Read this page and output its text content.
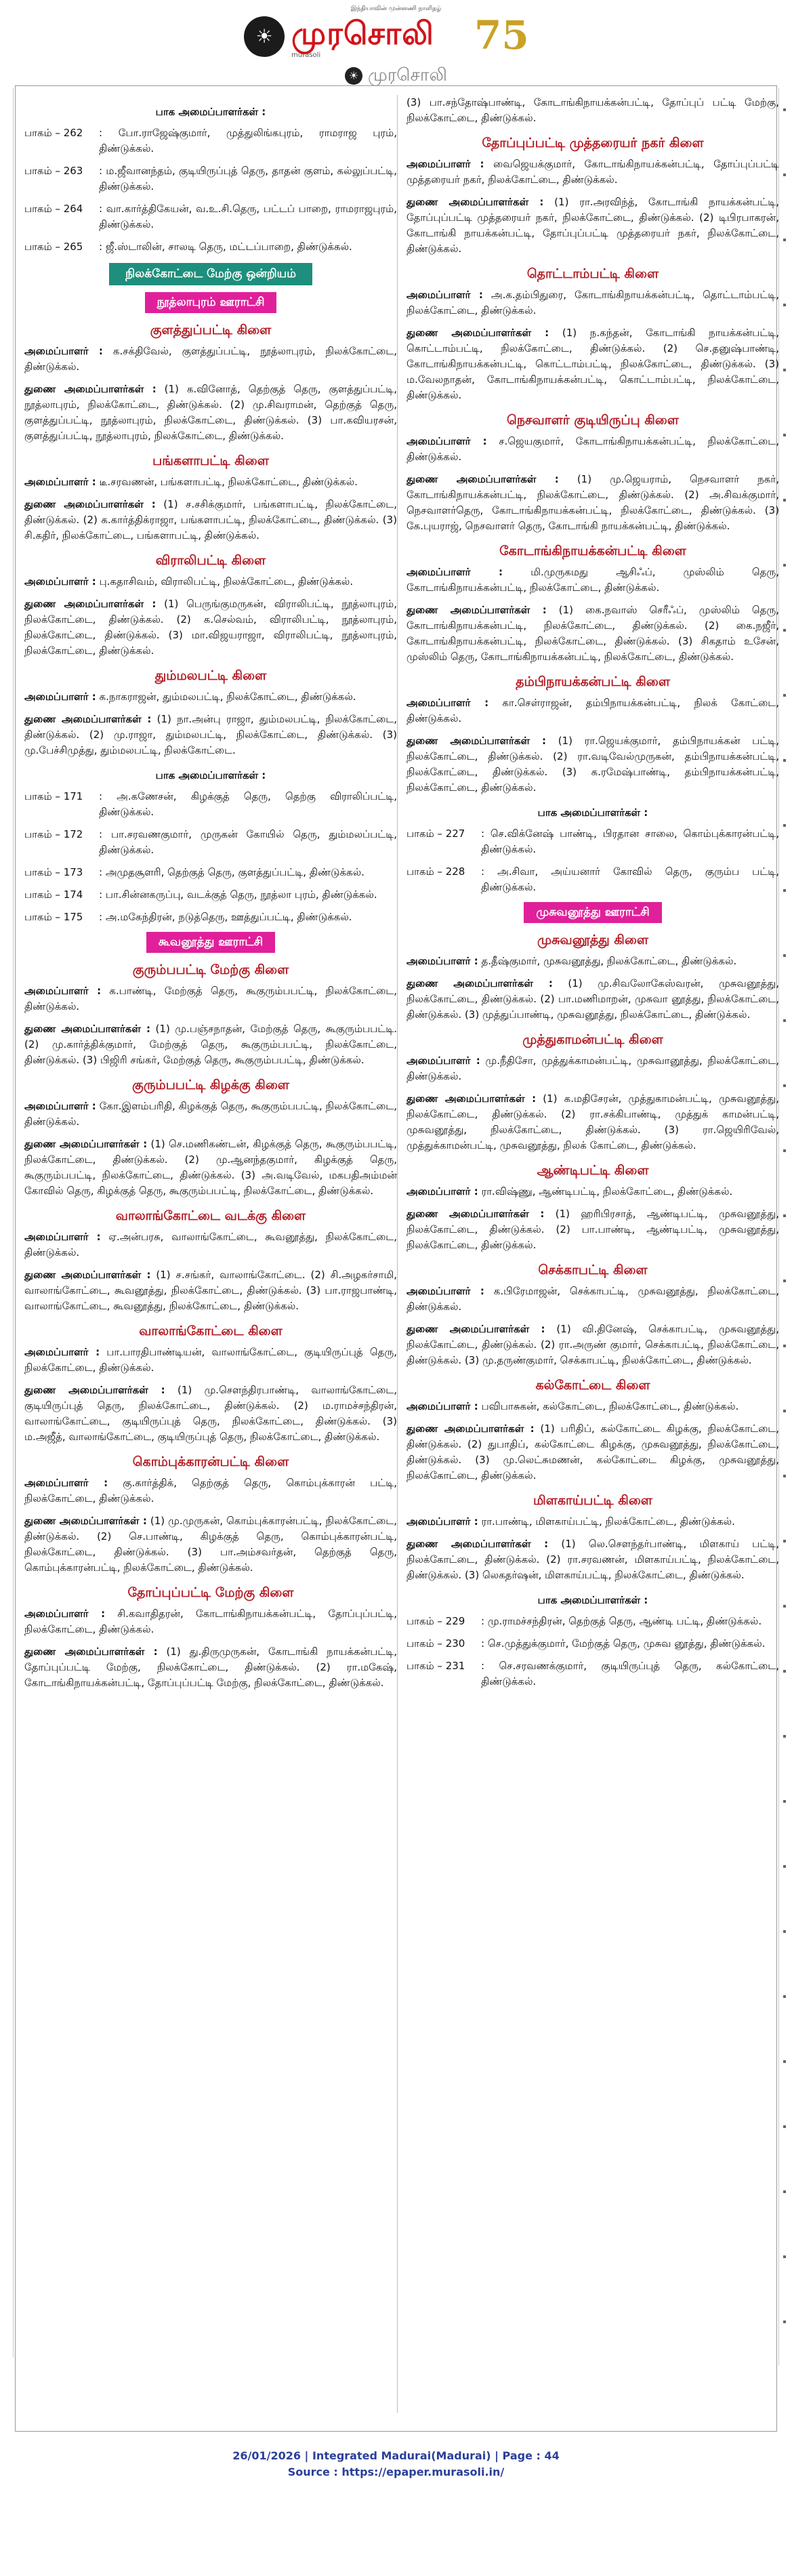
இந்தியாவின் முன்னணி நாளிதழ்
☀ முரசொலி 75
murasoli
☀ முரசொலி
பாக அமைப்பாளர்கள் :
பாகம் – 262	: போ.ராஜேஷ்குமார், முத்துலிங்கபுரம், ராமராஜ புரம், திண்டுக்கல்.
பாகம் – 263	: ம.ஜீவானந்தம், குடியிருப்புத் தெரு, தாதன் குளம், கல்லுப்பட்டி, திண்டுக்கல்.
பாகம் – 264	: வா.கார்த்திகேயன், வ.உ.சி.தெரு, பட்டப் பாறை, ராமராஜபுரம், திண்டுக்கல்.
பாகம் – 265	: ஜீ.ஸ்டாலின், சாலடி தெரு, மட்டப்பாறை, திண்டுக்கல்.
நிலக்கோட்டை மேற்கு ஒன்றியம்
நூத்லாபுரம் ஊராட்சி
குளத்துப்பட்டி கிளை
அமைப்பாளர் : க.சக்திவேல், குளத்துப்பட்டி, நூத்லாபுரம், நிலக்கோட்டை, திண்டுக்கல்.
துணை அமைப்பாளர்கள் : (1) க.வினோத், தெற்குத் தெரு, குளத்துப்பட்டி, நூத்லாபுரம், நிலக்கோட்டை, திண்டுக்கல். (2) மு.சிவராமன், தெற்குத் தெரு, குளத்துப்பட்டி, நூத்லாபுரம், நிலக்கோட்டை, திண்டுக்கல். (3) பா.கவியரசன், குளத்துப்பட்டி, நூத்லாபுரம், நிலக்கோட்டை, திண்டுக்கல்.
பங்களாபட்டி கிளை
அமைப்பாளர் : டீ.சரவணன், பங்களாபட்டி, நிலக்கோட்டை, திண்டுக்கல்.
துணை அமைப்பாளர்கள் : (1) ச.சசிக்குமார், பங்களாபட்டி, நிலக்கோட்டை, திண்டுக்கல். (2) க.கார்த்திக்ராஜா, பங்களாபட்டி, நிலக்கோட்டை, திண்டுக்கல். (3) சி.கதிர், நிலக்கோட்டை, பங்களாபட்டி, திண்டுக்கல்.
விராலிபட்டி கிளை
அமைப்பாளர் : பு.கதாசிவம், விராலிபட்டி, நிலக்கோட்டை, திண்டுக்கல்.
துணை அமைப்பாளர்கள் : (1) பெருங்குமருகன், விராலிபட்டி, நூத்லாபுரம், நிலக்கோட்டை, திண்டுக்கல். (2) க.செல்வம், விராலிபட்டி, நூத்லாபுரம், நிலக்கோட்டை, திண்டுக்கல். (3) மா.விஜயராஜா, விராலிபட்டி, நூத்லாபுரம், நிலக்கோட்டை, திண்டுக்கல்.
தும்மலபட்டி கிளை
அமைப்பாளர் : க.நாகராஜன், தும்மலபட்டி, நிலக்கோட்டை, திண்டுக்கல்.
துணை அமைப்பாளர்கள் : (1) நா.அன்பு ராஜா, தும்மலபட்டி, நிலக்கோட்டை, திண்டுக்கல். (2) மு.ராஜா, தும்மலபட்டி, நிலக்கோட்டை, திண்டுக்கல். (3) மு.பேச்சிமுத்து, தும்மலபட்டி, நிலக்கோட்டை.
பாக அமைப்பாளர்கள் :
பாகம் – 171	: அ.கணேசன், கிழக்குத் தெரு, தெற்கு விராலிப்பட்டி, திண்டுக்கல்.
பாகம் – 172	: பா.சரவணகுமார், முருகன் கோயில் தெரு, தும்மலப்பட்டி, திண்டுக்கல்.
பாகம் – 173	: அமுதசூளரி, தெற்குத் தெரு, குளத்துப்பட்டி, திண்டுக்கல்.
பாகம் – 174	: பா.சின்னகருப்பு, வடக்குத் தெரு, நூத்லா புரம், திண்டுக்கல்.
பாகம் – 175	: அ.மகேந்திரன், நடுத்தெரு, ஊத்துப்பட்டி, திண்டுக்கல்.
கூவனூத்து ஊராட்சி
குரும்பபட்டி மேற்கு கிளை
அமைப்பாளர் : க.பாண்டி, மேற்குத் தெரு, கூகுரும்பபட்டி, நிலக்கோட்டை, திண்டுக்கல்.
துணை அமைப்பாளர்கள் : (1) மு.பஞ்சநாதன், மேற்குத் தெரு, கூகுரும்பபட்டி. (2) மு.கார்த்திக்குமார், மேற்குத் தெரு, கூகுரும்பபட்டி, நிலக்கோட்டை, திண்டுக்கல். (3) பிஜிரி சங்கர், மேற்குத் தெரு, கூகுரும்பபட்டி, திண்டுக்கல்.
குரும்பபட்டி கிழக்கு கிளை
அமைப்பாளர் : கோ.இளம்பரிதி, கிழக்குத் தெரு, கூகுரும்பபட்டி, நிலக்கோட்டை, திண்டுக்கல்.
துணை அமைப்பாளர்கள் : (1) செ.மணிகண்டன், கிழக்குத் தெரு, கூகுரும்பபட்டி, நிலக்கோட்டை, திண்டுக்கல். (2) மு.ஆனந்தகுமார், கிழக்குத் தெரு, கூகுரும்பபட்டி, நிலக்கோட்டை, திண்டுக்கல். (3) அ.வடிவேல், மகபதிஅம்மன் கோவில் தெரு, கிழக்குத் தெரு, கூகுரும்பபட்டி, நிலக்கோட்டை, திண்டுக்கல்.
வாலாங்கோட்டை வடக்கு கிளை
அமைப்பாளர் : ஏ.அன்பரசு, வாலாங்கோட்டை, கூவனூத்து, நிலக்கோட்டை, திண்டுக்கல்.
துணை அமைப்பாளர்கள் : (1) ச.சங்கர், வாலாங்கோட்டை. (2) சி.அழகர்சாமி, வாலாங்கோட்டை, கூவனூத்து, நிலக்கோட்டை, திண்டுக்கல். (3) பா.ராஜபாண்டி, வாலாங்கோட்டை, கூவனூத்து, நிலக்கோட்டை, திண்டுக்கல்.
வாலாங்கோட்டை கிளை
அமைப்பாளர் : பா.பாரதிபாண்டியன், வாலாங்கோட்டை, குடியிருப்புத் தெரு, நிலக்கோட்டை, திண்டுக்கல்.
துணை அமைப்பாளர்கள் : (1) மு.செளந்திரபாண்டி, வாலாங்கோட்டை, குடியிருப்புத் தெரு, நிலக்கோட்டை, திண்டுக்கல். (2) ம.ராமச்சந்திரன், வாலாங்கோட்டை, குடியிருப்புத் தெரு, நிலக்கோட்டை, திண்டுக்கல். (3) ம.அஜீத், வாலாங்கோட்டை, குடியிருப்புத் தெரு, நிலக்கோட்டை, திண்டுக்கல்.
கொம்புக்காரன்பட்டி கிளை
அமைப்பாளர் : கு.கார்த்திக், தெற்குத் தெரு, கொம்புக்காரன் பட்டி, நிலக்கோட்டை, திண்டுக்கல்.
துணை அமைப்பாளர்கள் : (1) மு.முருகன், கொம்புக்காரன்பட்டி, நிலக்கோட்டை, திண்டுக்கல். (2) செ.பாண்டி, கிழக்குத் தெரு, கொம்புக்காரன்பட்டி, நிலக்கோட்டை, திண்டுக்கல். (3) பா.அம்சவர்தன், தெற்குத் தெரு, கொம்புக்காரன்பட்டி, நிலக்கோட்டை, திண்டுக்கல்.
தோப்புப்பட்டி மேற்கு கிளை
அமைப்பாளர் : சி.கவாதிதரன், கோடாங்கிநாயக்கன்பட்டி, தோப்புப்பட்டி, நிலக்கோட்டை, திண்டுக்கல்.
துணை அமைப்பாளர்கள் : (1) து.திருமுருகன், கோடாங்கி நாயக்கன்பட்டி, தோப்புப்பட்டி மேற்கு, நிலக்கோட்டை, திண்டுக்கல். (2) ரா.மகேஷ், கோடாங்கிநாயக்கன்பட்டி, தோப்புப்பட்டி மேற்கு, நிலக்கோட்டை, திண்டுக்கல்.
(3) பா.சந்தோஷ்பாண்டி, கோடாங்கிநாயக்கன்பட்டி, தோப்புப் பட்டி மேற்கு, நிலக்கோட்டை, திண்டுக்கல்.
தோப்புப்பட்டி முத்தரையர் நகர் கிளை
அமைப்பாளர் : வைஜெயக்குமார், கோடாங்கிநாயக்கன்பட்டி, தோப்புப்பட்டி முத்தரையர் நகர், நிலக்கோட்டை, திண்டுக்கல்.
துணை அமைப்பாளர்கள் : (1) ரா.அரவிந்த், கோடாங்கி நாயக்கன்பட்டி, தோப்புப்பட்டி முத்தரையர் நகர், நிலக்கோட்டை, திண்டுக்கல். (2) டிபிரபாகரன், கோடாங்கி நாயக்கன்பட்டி, தோப்புப்பட்டி முத்தரையர் நகர், நிலக்கோட்டை, திண்டுக்கல்.
தொட்டாம்பட்டி கிளை
அமைப்பாளர் : அ.க.தம்பிதுரை, கோடாங்கிநாயக்கன்பட்டி, தொட்டாம்பட்டி, நிலக்கோட்டை, திண்டுக்கல்.
துணை அமைப்பாளர்கள் : (1) ந.கந்தன், கோடாங்கி நாயக்கன்பட்டி, கொட்டாம்பட்டி, நிலக்கோட்டை, திண்டுக்கல். (2) செ.தனுஷ்பாண்டி, கோடாங்கிநாயக்கன்பட்டி, கொட்டாம்பட்டி, நிலக்கோட்டை, திண்டுக்கல். (3) ம.வேலநாதன், கோடாங்கிநாயக்கன்பட்டி, கொட்டாம்பட்டி, நிலக்கோட்டை, திண்டுக்கல்.
நெசவாளர் குடியிருப்பு கிளை
அமைப்பாளர் : ச.ஜெயகுமார், கோடாங்கிநாயக்கன்பட்டி, நிலக்கோட்டை, திண்டுக்கல்.
துணை அமைப்பாளர்கள் : (1) மு.ஜெயராம், நெசவாளர் நகர், கோடாங்கிநாயக்கன்பட்டி, நிலக்கோட்டை, திண்டுக்கல். (2) அ.சிவக்குமார், நெசவாளர்தெரு, கோடாங்கிநாயக்கன்பட்டி, நிலக்கோட்டை, திண்டுக்கல். (3) கே.புயராஜ், நெசவாளர் தெரு, கோடாங்கி நாயக்கன்பட்டி, திண்டுக்கல்.
கோடாங்கிநாயக்கன்பட்டி கிளை
அமைப்பாளர் : மி.முருகமது ஆசிஃப், முஸ்லிம் தெரு, கோடாங்கிநாயக்கன்பட்டி, நிலக்கோட்டை, திண்டுக்கல்.
துணை அமைப்பாளர்கள் : (1) கை.நவாஸ் செரீஃப், முஸ்லிம் தெரு, கோடாங்கிநாயக்கன்பட்டி, நிலக்கோட்டை, திண்டுக்கல். (2) கை.நஜீர், கோடாங்கிநாயக்கன்பட்டி, நிலக்கோட்டை, திண்டுக்கல். (3) சிகதாம் உசேன், முஸ்லிம் தெரு, கோடாங்கிநாயக்கன்பட்டி, நிலக்கோட்டை, திண்டுக்கல்.
தம்பிநாயக்கன்பட்டி கிளை
அமைப்பாளர் : கா.செள்ராஜன், தம்பிநாயக்கன்பட்டி, நிலக் கோட்டை, திண்டுக்கல்.
துணை அமைப்பாளர்கள் : (1) ரா.ஜெயக்குமார், தம்பிநாயக்கன் பட்டி, நிலக்கோட்டை, திண்டுக்கல். (2) ரா.வடிவேல்முருகன், தம்பிநாயக்கன்பட்டி, நிலக்கோட்டை, திண்டுக்கல். (3) க.ரமேஷ்பாண்டி, தம்பிநாயக்கன்பட்டி, நிலக்கோட்டை, திண்டுக்கல்.
பாக அமைப்பாளர்கள் :
பாகம் – 227	: செ.விக்னேஷ் பாண்டி, பிரதான சாலை, கொம்புக்காரன்பட்டி, திண்டுக்கல்.
பாகம் – 228	: அ.சிவா, அய்யனார் கோவில் தெரு, குரும்ப பட்டி, திண்டுக்கல்.
முசுவனூத்து ஊராட்சி
முசுவனூத்து கிளை
அமைப்பாளர் : த.தீஷ்குமார், முசுவனூத்து, நிலக்கோட்டை, திண்டுக்கல்.
துணை அமைப்பாளர்கள் : (1) மு.சிவலோகேஸ்வரன், முசுவனூத்து, நிலக்கோட்டை, திண்டுக்கல். (2) பா.மணிமாறன், முசுவா னூத்து, நிலக்கோட்டை, திண்டுக்கல். (3) முத்துப்பாண்டி, முசுவனூத்து, நிலக்கோட்டை, திண்டுக்கல்.
முத்துகாமன்பட்டி கிளை
அமைப்பாளர் : மு.நீதிசோ, முத்துக்காமன்பட்டி, முசுவானூத்து, நிலக்கோட்டை, திண்டுக்கல்.
துணை அமைப்பாளர்கள் : (1) க.மதிசேரன், முத்துகாமன்பட்டி, முசுவனூத்து, நிலக்கோட்டை, திண்டுக்கல். (2) ரா.சக்கிபாண்டி, முத்துக் காமன்பட்டி, முசுவனூத்து, நிலக்கோட்டை, திண்டுக்கல். (3) ரா.ஜெயிரிவேல், முத்துக்காமன்பட்டி, முசுவனூத்து, நிலக் கோட்டை, திண்டுக்கல்.
ஆண்டிபட்டி கிளை
அமைப்பாளர் : ரா.விஷ்ணு, ஆண்டிபட்டி, நிலக்கோட்டை, திண்டுக்கல்.
துணை அமைப்பாளர்கள் : (1) ஹரிபிரசாத், ஆண்டிபட்டி, முசுவனூத்து, நிலக்கோட்டை, திண்டுக்கல். (2) பா.பாண்டி, ஆண்டிபட்டி, முசுவனூத்து, நிலக்கோட்டை, திண்டுக்கல்.
செக்காபட்டி கிளை
அமைப்பாளர் : க.பிரேமாஜன், செக்காபட்டி, முசுவனூத்து, நிலக்கோட்டை, திண்டுக்கல்.
துணை அமைப்பாளர்கள் : (1) வி.தினேஷ், செக்காபட்டி, முசுவனூத்து, நிலக்கோட்டை, திண்டுக்கல். (2) ரா.அருண் குமார், செக்காபட்டி, நிலக்கோட்டை, திண்டுக்கல். (3) மு.தருண்குமார், செக்காபட்டி, நிலக்கோட்டை, திண்டுக்கல்.
கல்கோட்டை கிளை
அமைப்பாளர் : பவிபாசுகன், கல்கோட்டை, நிலக்கோட்டை, திண்டுக்கல்.
துணை அமைப்பாளர்கள் : (1) பரிதிப், கல்கோட்டை கிழக்கு, நிலக்கோட்டை, திண்டுக்கல். (2) துபாதிப், கல்கோட்டை கிழக்கு, முசுவனூத்து, நிலக்கோட்டை, திண்டுக்கல். (3) மு.லெட்சுமணன், கல்கோட்டை கிழக்கு, முசுவனூத்து, நிலக்கோட்டை, திண்டுக்கல்.
மிளகாய்பட்டி கிளை
அமைப்பாளர் : ரா.பாண்டி, மிளகாய்பட்டி, நிலக்கோட்டை, திண்டுக்கல்.
துணை அமைப்பாளர்கள் : (1) லெ.சௌந்தர்பாண்டி, மிளகாய் பட்டி, நிலக்கோட்டை, திண்டுக்கல். (2) ரா.சரவணன், மிளகாய்பட்டி, நிலக்கோட்டை, திண்டுக்கல். (3) லெகதர்ஷன், மிளகாய்பட்டி, நிலக்கோட்டை, திண்டுக்கல்.
பாக அமைப்பாளர்கள் :
பாகம் – 229	: மு.ராமச்சந்திரன், தெற்குத் தெரு, ஆண்டி பட்டி, திண்டுக்கல்.
பாகம் – 230	: செ.முத்துக்குமார், மேற்குத் தெரு, முசுவ னூத்து, திண்டுக்கல்.
பாகம் – 231	: செ.சரவணக்குமார், குடியிருப்புத் தெரு, கல்கோட்டை, திண்டுக்கல்.
26/01/2026 | Integrated Madurai(Madurai) | Page : 44
Source : https://epaper.murasoli.in/
